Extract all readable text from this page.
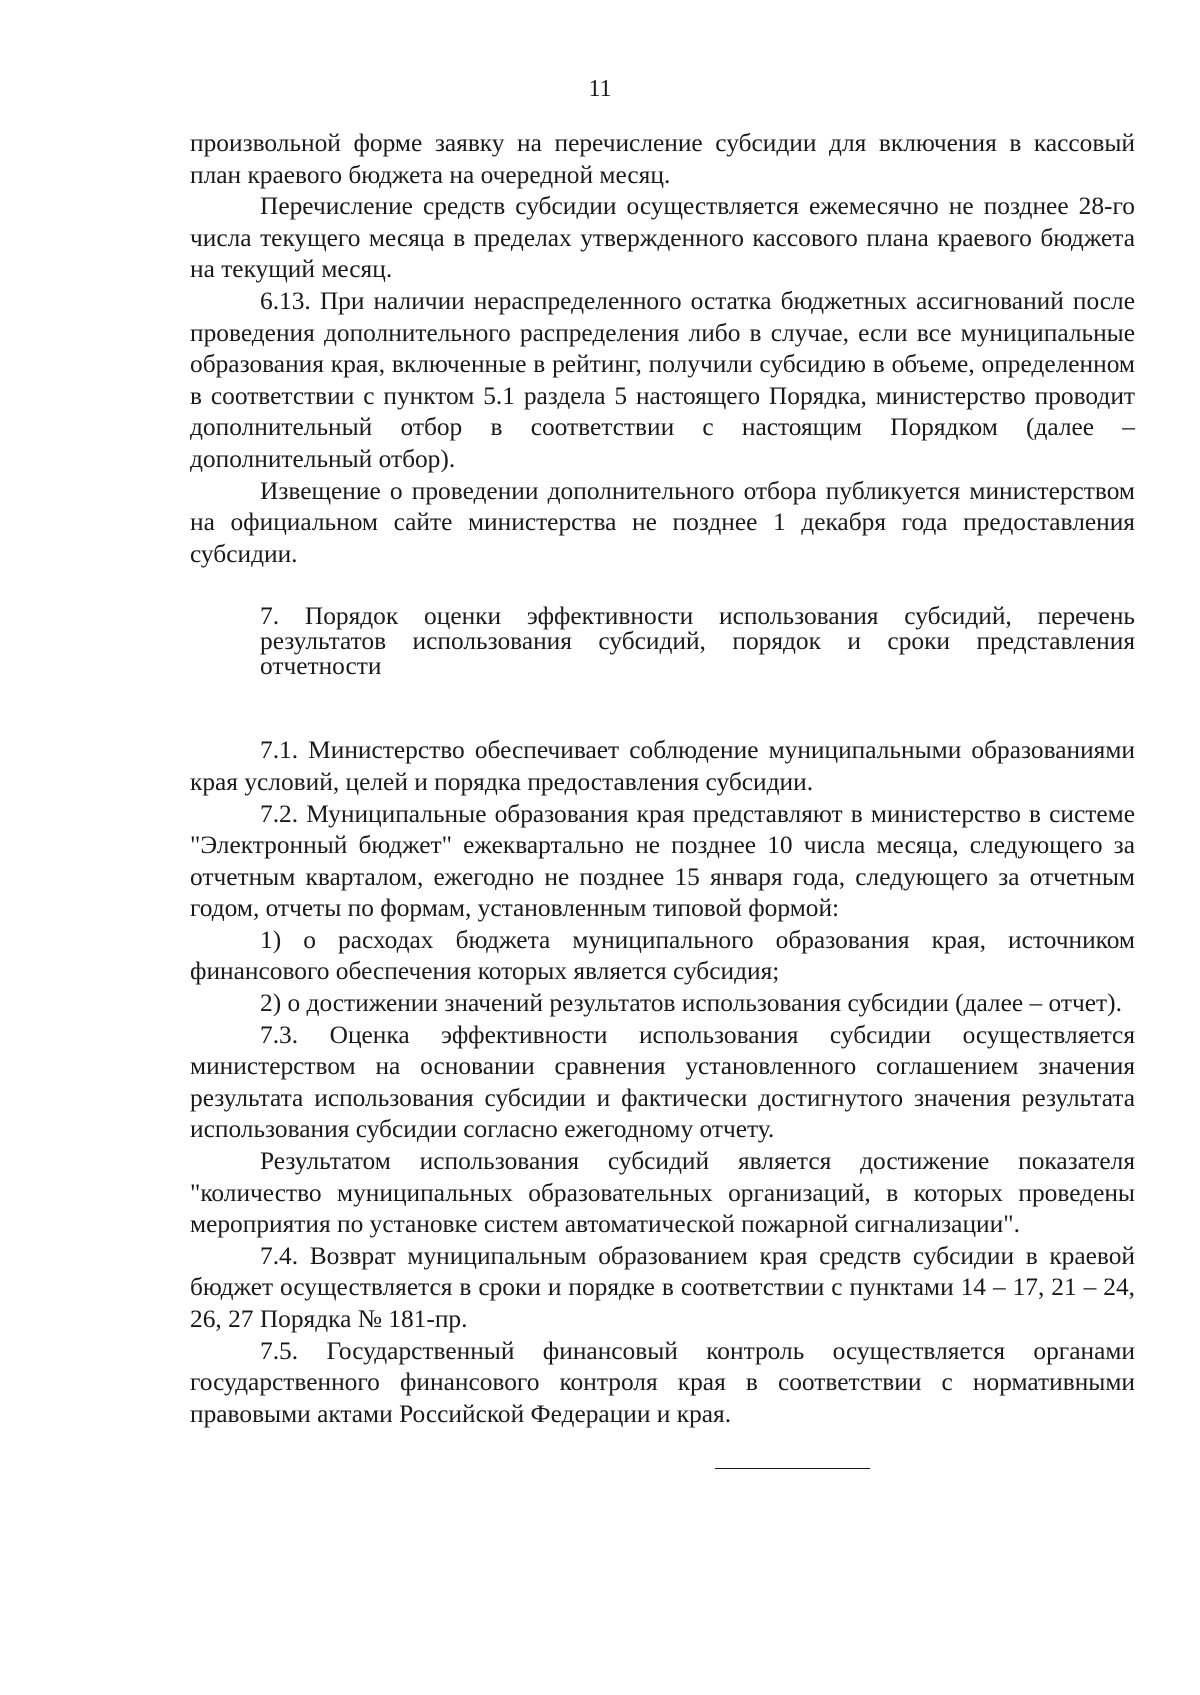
11

произвольной форме заявку на перечисление субсидии для включения в кассовый план краевого бюджета на очередной месяц.

Перечисление средств субсидии осуществляется ежемесячно не позднее 28-го числа текущего месяца в пределах утвержденного кассового плана краевого бюджета на текущий месяц.

6.13. При наличии нераспределенного остатка бюджетных ассигнований после проведения дополнительного распределения либо в случае, если все муниципальные образования края, включенные в рейтинг, получили субсидию в объеме, определенном в соответствии с пунктом 5.1 раздела 5 настоящего Порядка, министерство проводит дополнительный отбор в соответствии с настоящим Порядком (далее – дополнительный отбор).

Извещение о проведении дополнительного отбора публикуется министерством на официальном сайте министерства не позднее 1 декабря года предоставления субсидии.

7. Порядок оценки эффективности использования субсидий, перечень результатов использования субсидий, порядок и сроки представления отчетности

7.1. Министерство обеспечивает соблюдение муниципальными образованиями края условий, целей и порядка предоставления субсидии.

7.2. Муниципальные образования края представляют в министерство в системе "Электронный бюджет" ежеквартально не позднее 10 числа месяца, следующего за отчетным кварталом, ежегодно не позднее 15 января года, следующего за отчетным годом, отчеты по формам, установленным типовой формой:

1) о расходах бюджета муниципального образования края, источником финансового обеспечения которых является субсидия;

2) о достижении значений результатов использования субсидии (далее – отчет).

7.3. Оценка эффективности использования субсидии осуществляется министерством на основании сравнения установленного соглашением значения результата использования субсидии и фактически достигнутого значения результата использования субсидии согласно ежегодному отчету.

Результатом использования субсидий является достижение показателя "количество муниципальных образовательных организаций, в которых проведены мероприятия по установке систем автоматической пожарной сигнализации".

7.4. Возврат муниципальным образованием края средств субсидии в краевой бюджет осуществляется в сроки и порядке в соответствии с пунктами 14 – 17, 21 – 24, 26, 27 Порядка № 181-пр.

7.5. Государственный финансовый контроль осуществляется органами государственного финансового контроля края в соответствии с нормативными правовыми актами Российской Федерации и края.
